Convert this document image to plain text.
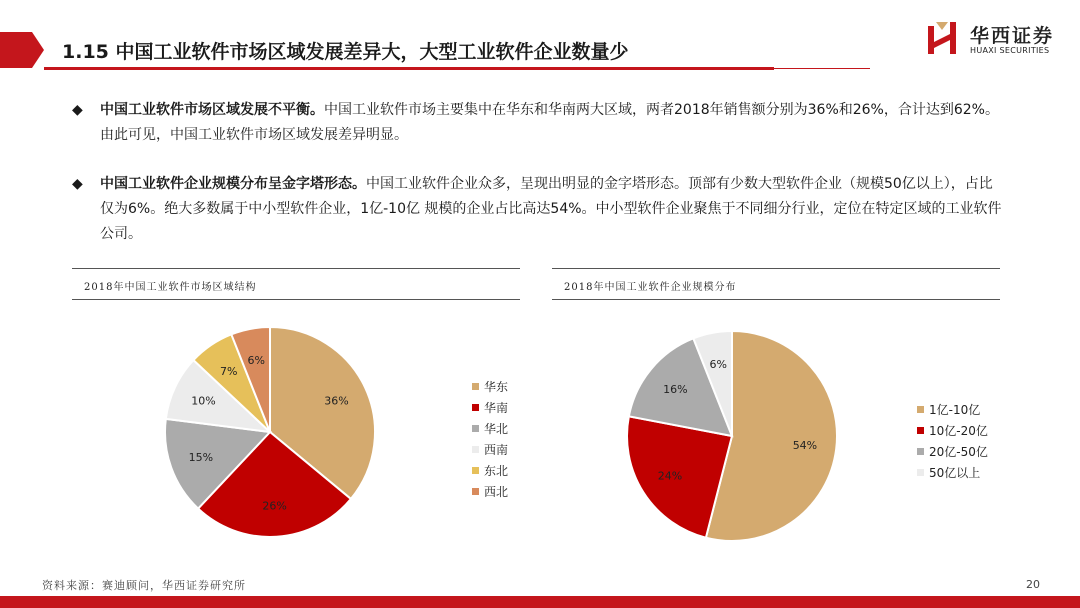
1.15 中国工业软件市场区域发展差异大，大型工业软件企业数量少
华西证券
HUAXI SECURITIES
◆ 中国工业软件市场区域发展不平衡。中国工业软件市场主要集中在华东和华南两大区域，两者2018年销售额分别为36%和26%，合计达到62%。由此可见，中国工业软件市场区域发展差异明显。
◆ 中国工业软件企业规模分布呈金字塔形态。中国工业软件企业众多，呈现出明显的金字塔形态。顶部有少数大型软件企业（规模50亿以上），占比仅为6%。绝大多数属于中小型软件企业，1亿-10亿 规模的企业占比高达54%。中小型软件企业聚焦于不同细分行业，定位在特定区域的工业软件公司。
2018年中国工业软件市场区域结构
36%
26%
15%
10%
7%
6%
华东
华南
华北
西南
东北
西北
2018年中国工业软件企业规模分布
54%
24%
16%
6%
1亿-10亿
10亿-20亿
20亿-50亿
50亿以上
资料来源：赛迪顾问，华西证券研究所	20
